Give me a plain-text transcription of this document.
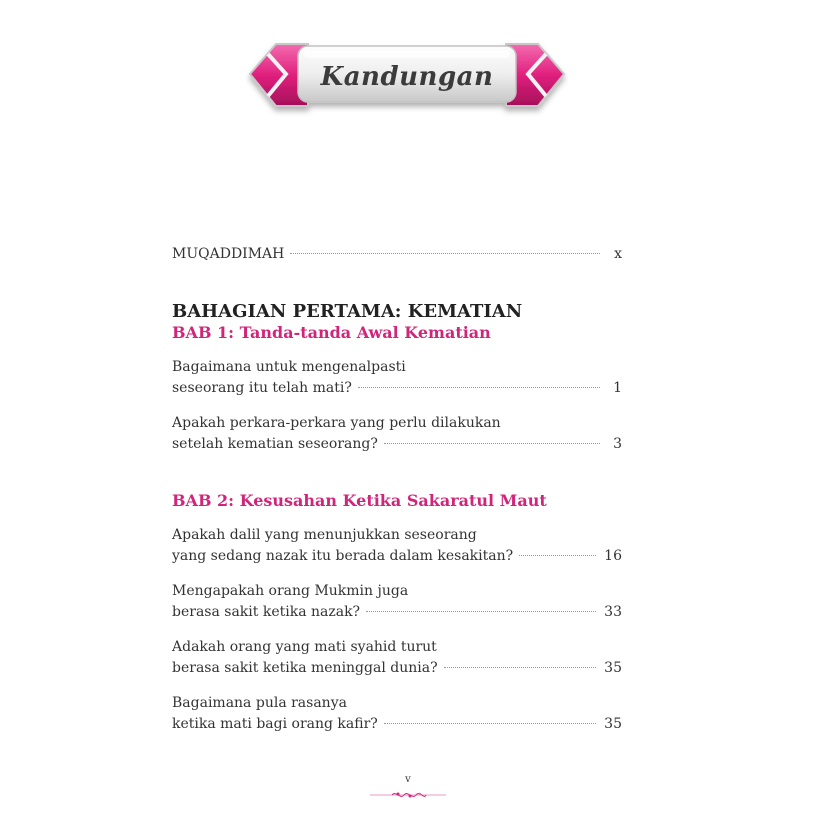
Kandungan
MUQADDIMAH	x
BAHAGIAN PERTAMA: KEMATIAN
BAB 1: Tanda-tanda Awal Kematian
Bagaimana untuk mengenalpasti
seseorang itu telah mati?	1
Apakah perkara-perkara yang perlu dilakukan
setelah kematian seseorang?	3
BAB 2: Kesusahan Ketika Sakaratul Maut
Apakah dalil yang menunjukkan seseorang
yang sedang nazak itu berada dalam kesakitan?	16
Mengapakah orang Mukmin juga
berasa sakit ketika nazak?	33
Adakah orang yang mati syahid turut
berasa sakit ketika meninggal dunia?	35
Bagaimana pula rasanya
ketika mati bagi orang kafir?	35
v
